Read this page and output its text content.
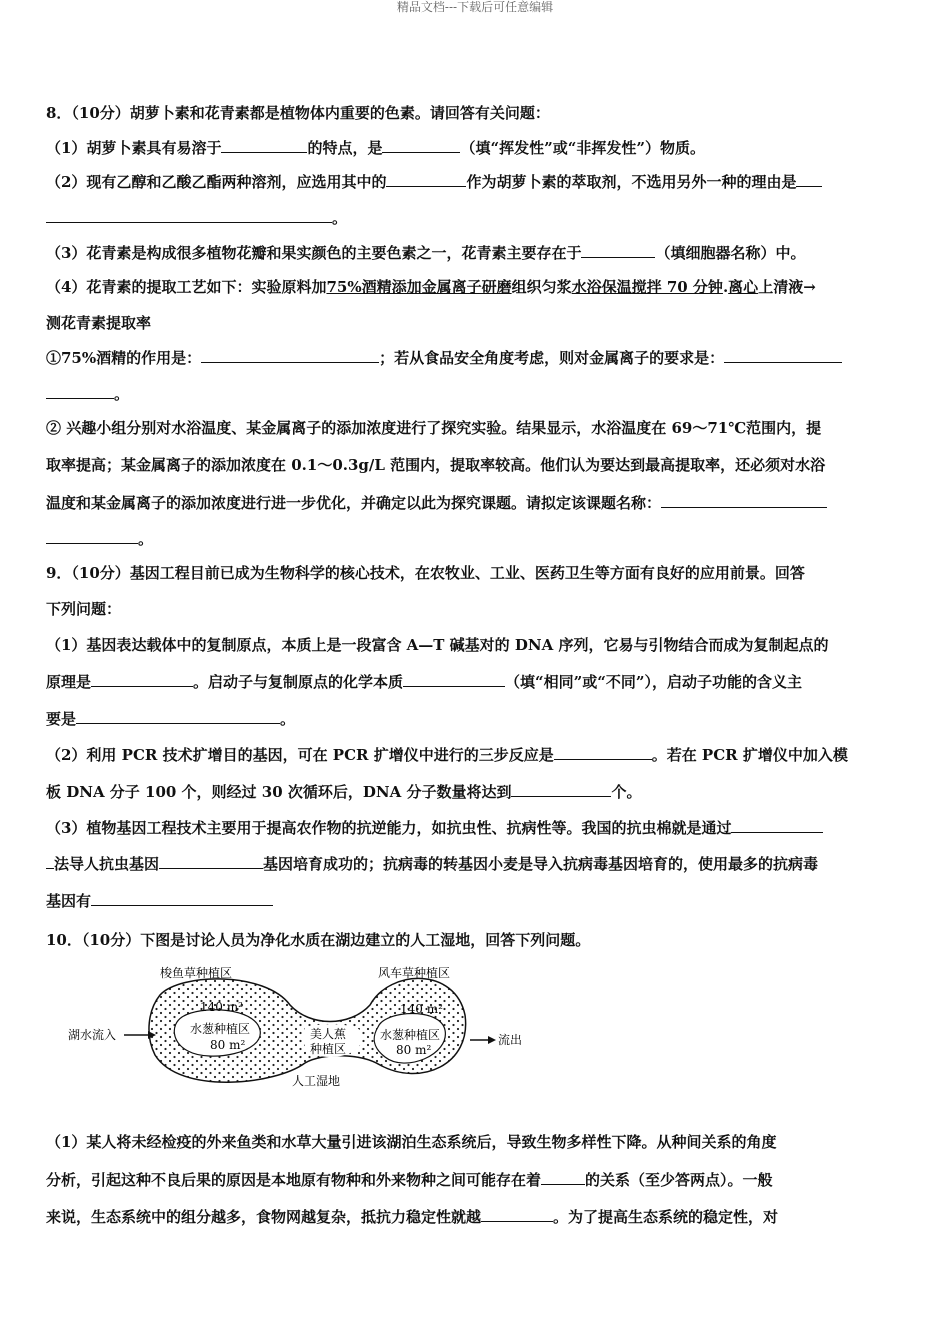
精品文档---下载后可任意编辑
8．（10分）胡萝卜素和花青素都是植物体内重要的色素。请回答有关问题：
（1）胡萝卜素具有易溶于	的特点，是	（填“挥发性”或“非挥发性”）物质。
（2）现有乙醇和乙酸乙酯两种溶剂，应选用其中的	作为胡萝卜素的萃取剂，不选用另外一种的理由是
。
（3）花青素是构成很多植物花瓣和果实颜色的主要色素之一，花青素主要存在于	（填细胞器名称）中。
（4）花青素的提取工艺如下：实验原料加75%酒精添加金属离子研磨组织匀浆水浴保温搅拌 70 分钟.离心上清液→
测花青素提取率
①75%酒精的作用是：	；若从食品安全角度考虑，则对金属离子的要求是：
。
② 兴趣小组分别对水浴温度、某金属离子的添加浓度进行了探究实验。结果显示，水浴温度在 69～71℃范围内，提
取率提高；某金属离子的添加浓度在 0.1～0.3g/L 范围内，提取率较高。他们认为要达到最高提取率，还必须对水浴
温度和某金属离子的添加浓度进行进一步优化，并确定以此为探究课题。请拟定该课题名称：
。
9．（10分）基因工程目前已成为生物科学的核心技术，在农牧业、工业、医药卫生等方面有良好的应用前景。回答
下列问题：
（1）基因表达载体中的复制原点，本质上是一段富含 A—T 碱基对的 DNA 序列，它易与引物结合而成为复制起点的
原理是	。启动子与复制原点的化学本质	（填“相同”或“不同”），启动子功能的含义主
要是	。
（2）利用 PCR 技术扩增目的基因，可在 PCR 扩增仪中进行的三步反应是	。若在 PCR 扩增仪中加入模
板 DNA 分子 100 个，则经过 30 次循环后，DNA 分子数量将达到	个。
（3）植物基因工程技术主要用于提高农作物的抗逆能力，如抗虫性、抗病性等。我国的抗虫棉就是通过
法导人抗虫基因	基因培育成功的；抗病毒的转基因小麦是导入抗病毒基因培育的，使用最多的抗病毒
基因有
10．（10分）下图是讨论人员为净化水质在湖边建立的人工湿地，回答下列问题。
梭鱼草种植区	风车草种植区
140 m²	140 m²
水葱种植区
80 m²
水葱种植区
80 m²
美人蕉
种植区
湖水流入	流出
人工湿地
（1）某人将未经检疫的外来鱼类和水草大量引进该湖泊生态系统后，导致生物多样性下降。从种间关系的角度
分析，引起这种不良后果的原因是本地原有物种和外来物种之间可能存在着	的关系（至少答两点）。一般
来说，生态系统中的组分越多，食物网越复杂，抵抗力稳定性就越	。为了提高生态系统的稳定性，对
